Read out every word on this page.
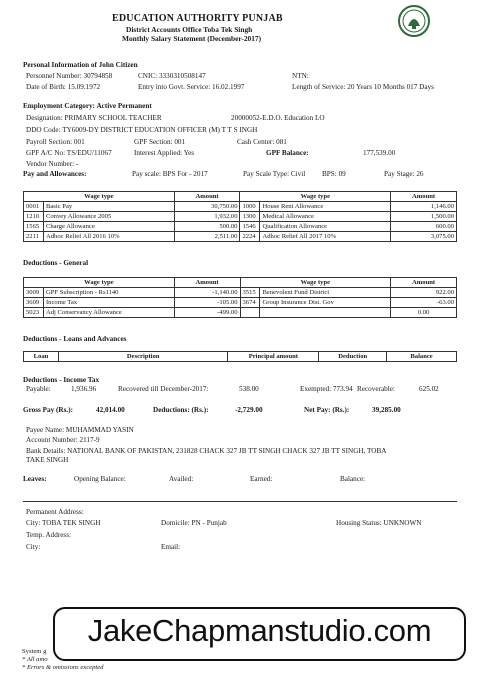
EDUCATION AUTHORITY PUNJAB
District Accounts Office Toba Tek Singh
Monthly Salary Statement (December-2017)
Personal Information of John Citizen
Personnel Number: 30794858	CNIC: 3330310508147	NTN:
Date of Birth: 15.09.1972	Entry into Govt. Service: 16.02.1997	Length of Service: 20 Years 10 Months 017 Days
Employment Category: Active Permanent
Designation: PRIMARY SCHOOL TEACHER	20000052-E.D.O. Education LO
DDO Code: TY6009-DY DISTRICT EDUCATION OFFICER (M) T T S INGH
Payroll Section: 001	GPF Section: 001	Cash Center: 081
GPF A/C No: TS/EDU/11067	Interest Applied: Yes	GPF Balance:	177,539.00
Vendor Number: -
Pay and Allowances:	Pay scale: BPS For - 2017	Pay Scale Type: Civil BPS: 09	Pay Stage: 26
Wage type		Amount	Wage type		Amount
0001	Basic Pay	30,750.00	1000	House Rent Allowance	1,146.00
1210	Convey Allowance 2005	1,932.00	1300	Medical Allowance	1,500.00
1565	Charge Allowance	500.00	1546	Qualification Allowance	600.00
2211	Adhoc Relief All 2016 10%	2,511.00	2224	Adhoc Relief All 2017 10%	3,075.00
Deductions - General
Wage type		Amount	Wage type		Amount
3009	GPF Subscription - Rs1140	-1,140.00	3515	Benevolent Fund District	922.00
3609	Income Tax	-105.00	3674	Group Insurance Dist. Gov	-63.00
5023	Adj Conservancy Allowance	-499.00			0.00
Deductions - Loans and Advances
Loan	Description	Principal amount	Deduction	Balance
Deductions - Income Tax
Payable:	1,936.96	Recovered till December-2017:	538.00	Exempted: 773.94 Recoverable:	625.02
Gross Pay (Rs.):	42,014.00	Deductions: (Rs.):	-2,729.00	Net Pay: (Rs.):	39,285.00
Payee Name: MUHAMMAD YASIN
Account Number: 2117-9
Bank Details: NATIONAL BANK OF PAKISTAN, 231828 CHACK 327 JB TT SINGH CHACK 327 JB TT SINGH, TOBA
TAKE SINGH
Leaves:	Opening Balance:	Availed:	Earned:	Balance:
Permanent Address:
City: TOBA TEK SINGH	Domicile: PN - Punjab	Housing Status: UNKNOWN
Temp. Address:
City:	Email:
System g
* All amo
* Errors & omissions excepted
JakeChapmanstudio.com
